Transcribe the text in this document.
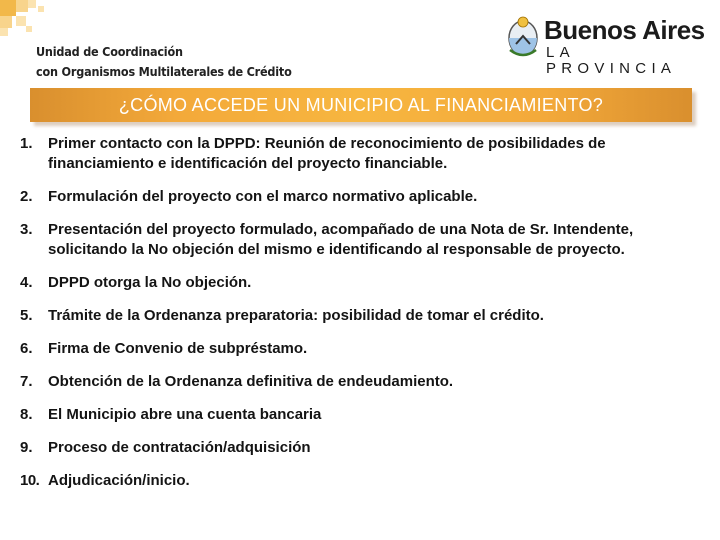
Unidad de Coordinación
con Organismos Multilaterales de Crédito
Buenos Aires
LA PROVINCIA
¿CÓMO ACCEDE UN MUNICIPIO AL FINANCIAMIENTO?
1.	Primer contacto con la DPPD: Reunión de reconocimiento de posibilidades de financiamiento e identificación del proyecto financiable.
2.	Formulación del proyecto con el marco normativo aplicable.
3.	Presentación del proyecto formulado, acompañado de una Nota de Sr. Intendente, solicitando la No objeción del mismo e identificando al responsable de proyecto.
4.	DPPD otorga la No objeción.
5.	Trámite de la Ordenanza preparatoria: posibilidad de tomar el crédito.
6.	Firma de Convenio de subpréstamo.
7.	Obtención de la Ordenanza definitiva de endeudamiento.
8.	El Municipio abre una cuenta bancaria
9.	Proceso de contratación/adquisición
10. Adjudicación/inicio.
